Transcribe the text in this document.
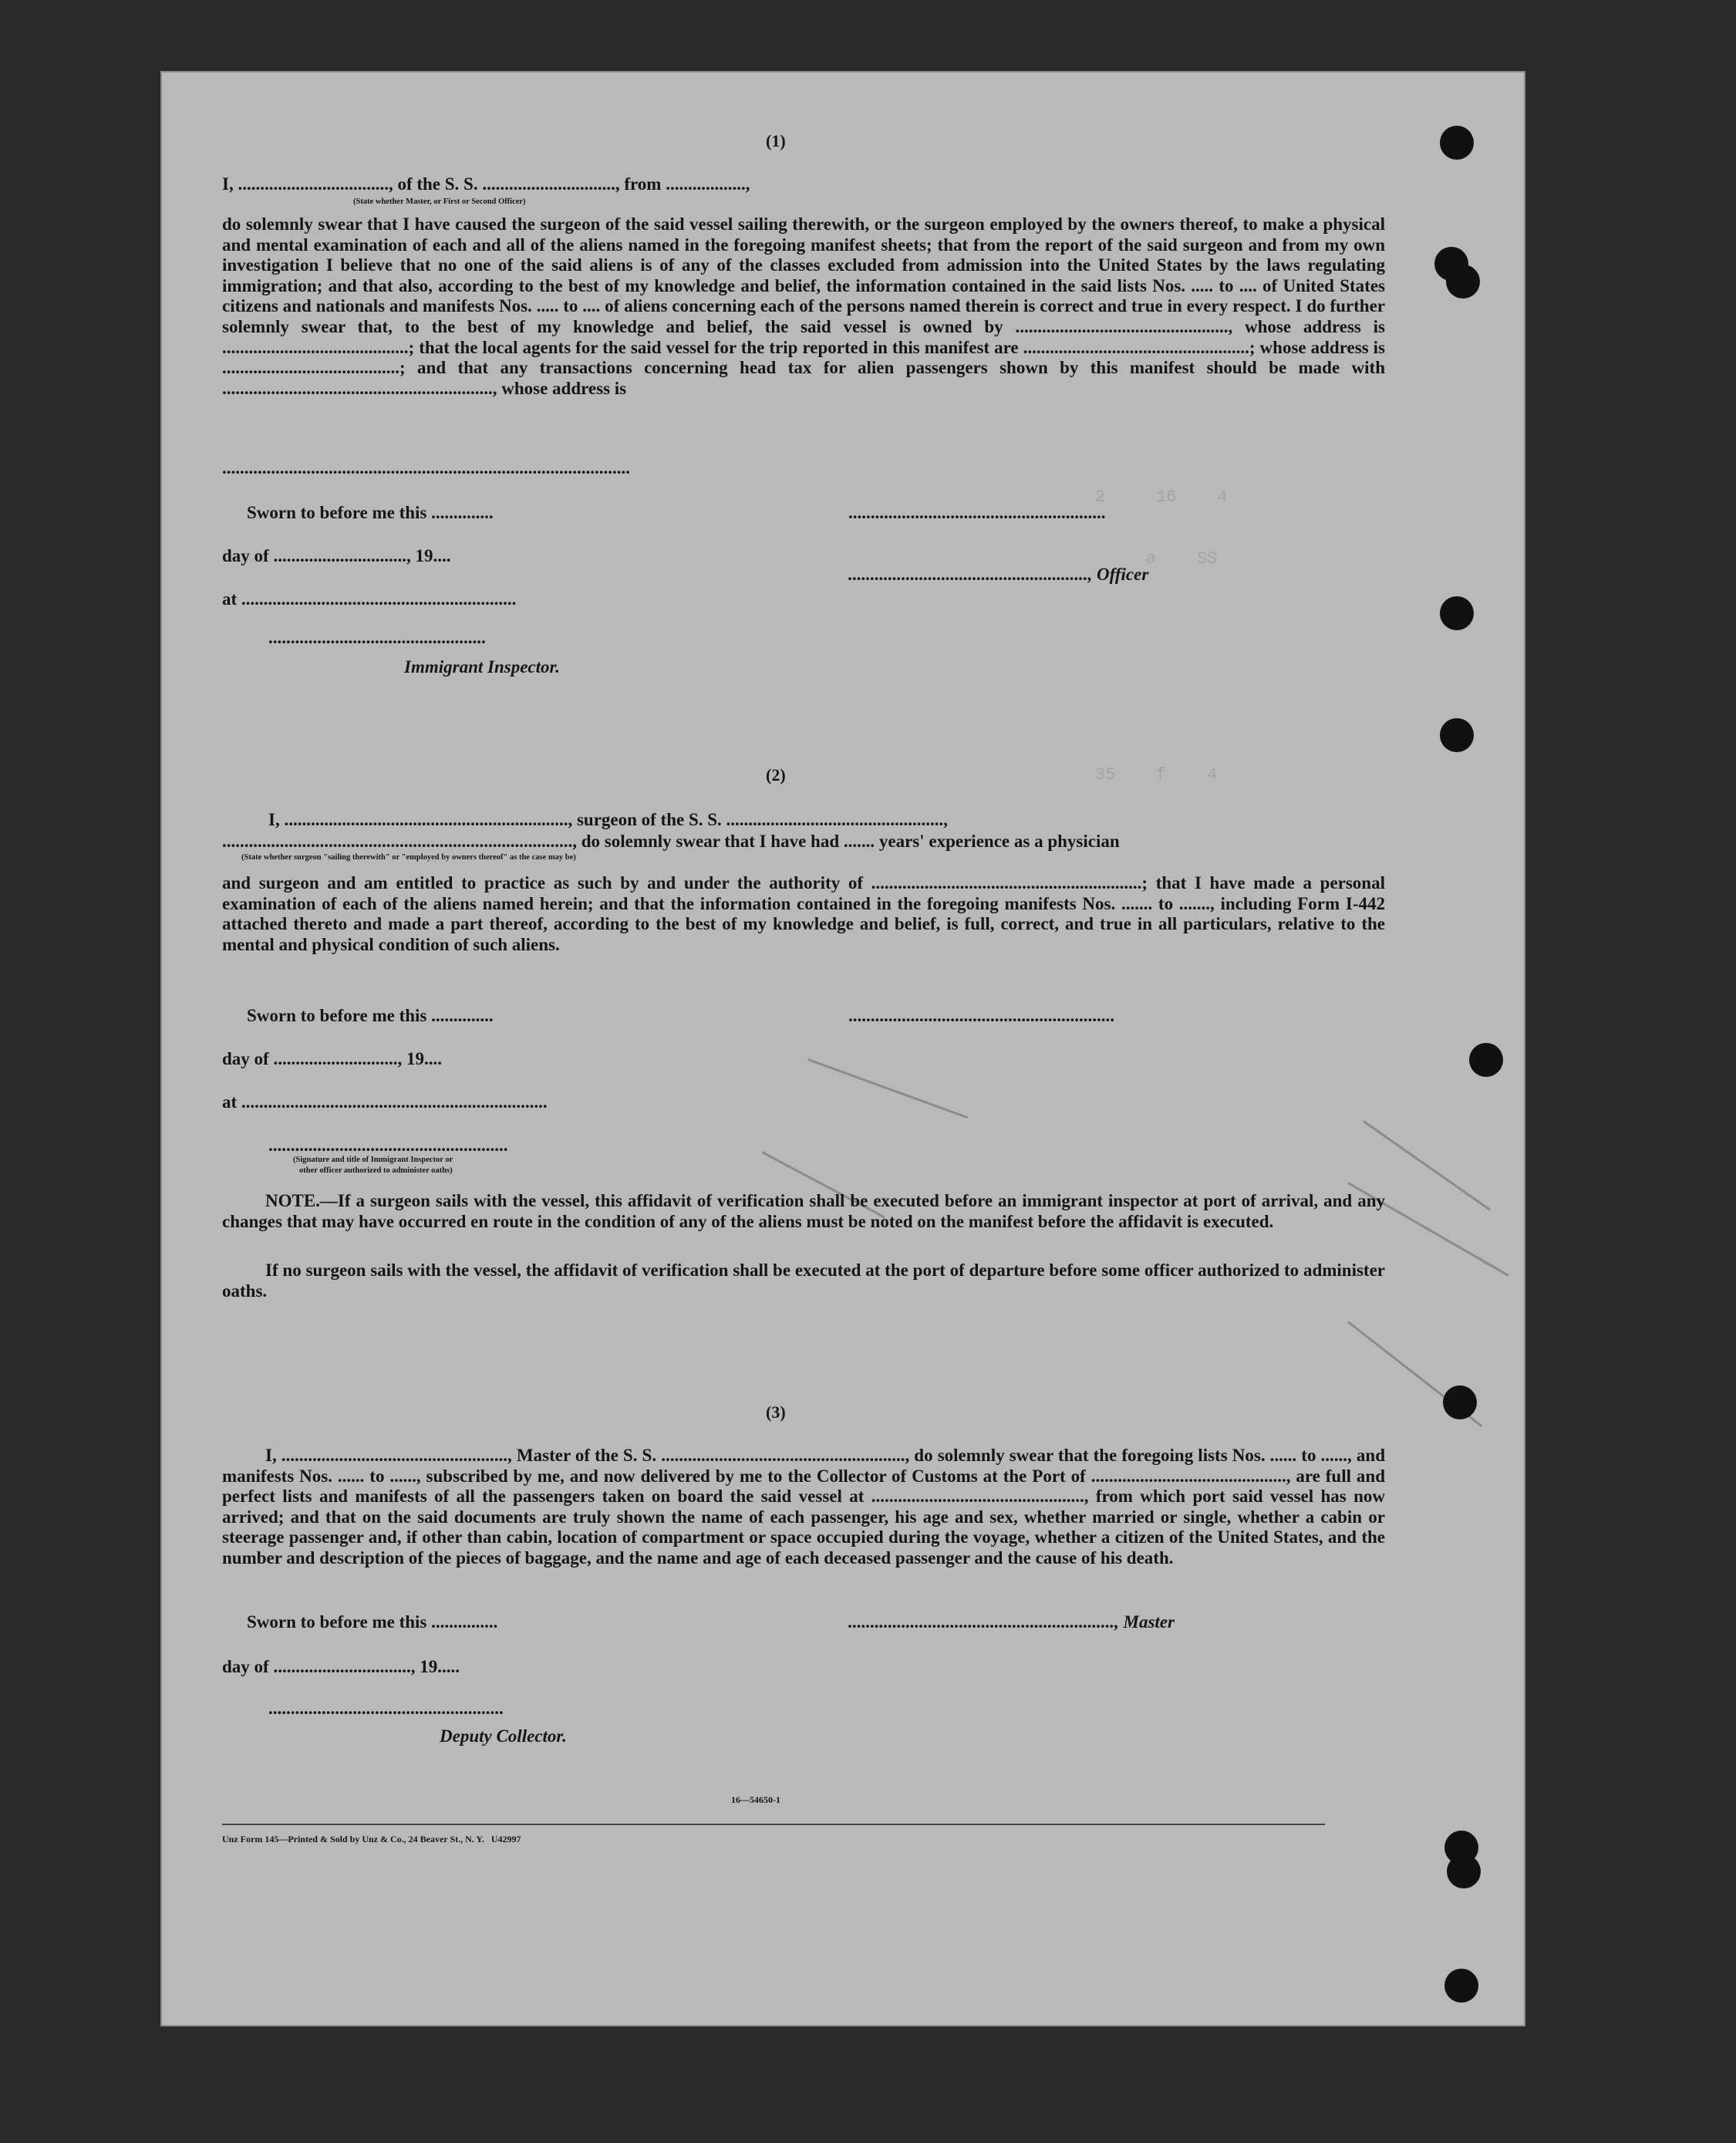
2     16    4
a    SS
35    f    4
(1)
I, .................................., of the S. S. .............................., from ..................,
(State whether Master, or First or Second Officer)
do solemnly swear that I have caused the surgeon of the said vessel sailing therewith, or the surgeon employed by the owners thereof, to make a physical and mental examination of each and all of the aliens named in the foregoing manifest sheets; that from the report of the said surgeon and from my own investigation I believe that no one of the said aliens is of any of the classes excluded from admission into the United States by the laws regulating immigration; and that also, according to the best of my knowledge and belief, the information contained in the said lists Nos. ..... to .... of United States citizens and nationals and manifests Nos. ..... to .... of aliens concerning each of the persons named therein is correct and true in every respect. I do further solemnly swear that, to the best of my knowledge and belief, the said vessel is owned by ................................................, whose address is ..........................................; that the local agents for the said vessel for the trip reported in this manifest are ...................................................; whose address is ........................................; and that any transactions concerning head tax for alien passengers shown by this manifest should be made with ............................................................., whose address is
............................................................................................
Sworn to before me this ..............	..........................................................
day of .............................., 19....
......................................................, Officer
at ..............................................................
.................................................
Immigrant Inspector.
(2)
I, ................................................................, surgeon of the S. S. .................................................,
..............................................................................., do solemnly swear that I have had ....... years' experience as a physician
(State whether surgeon "sailing therewith" or "employed by owners thereof" as the case may be)
and surgeon and am entitled to practice as such by and under the authority of .............................................................; that I have made a personal examination of each of the aliens named herein; and that the information contained in the foregoing manifests Nos. ....... to ......., including Form I-442 attached thereto and made a part thereof, according to the best of my knowledge and belief, is full, correct, and true in all particulars, relative to the mental and physical condition of such aliens.
Sworn to before me this ..............	............................................................
day of ............................, 19....
at .....................................................................
......................................................
(Signature and title of Immigrant Inspector or
other officer authorized to administer oaths)
NOTE.—If a surgeon sails with the vessel, this affidavit of verification shall be executed before an immigrant inspector at port of arrival, and any changes that may have occurred en route in the condition of any of the aliens must be noted on the manifest before the affidavit is executed.
If no surgeon sails with the vessel, the affidavit of verification shall be executed at the port of departure before some officer authorized to administer oaths.
(3)
I, ..................................................., Master of the S. S. ......................................................., do solemnly swear that the foregoing lists Nos. ...... to ......, and manifests Nos. ...... to ......, subscribed by me, and now delivered by me to the Collector of Customs at the Port of ............................................, are full and perfect lists and manifests of all the passengers taken on board the said vessel at ................................................, from which port said vessel has now arrived; and that on the said documents are truly shown the name of each passenger, his age and sex, whether married or single, whether a cabin or steerage passenger and, if other than cabin, location of compartment or space occupied during the voyage, whether a citizen of the United States, and the number and description of the pieces of baggage, and the name and age of each deceased passenger and the cause of his death.
Sworn to before me this ...............	............................................................, Master
day of ..............................., 19.....
.....................................................
Deputy Collector.
16—54650-1
Unz Form 145—Printed & Sold by Unz & Co., 24 Beaver St., N. Y.   U42997
